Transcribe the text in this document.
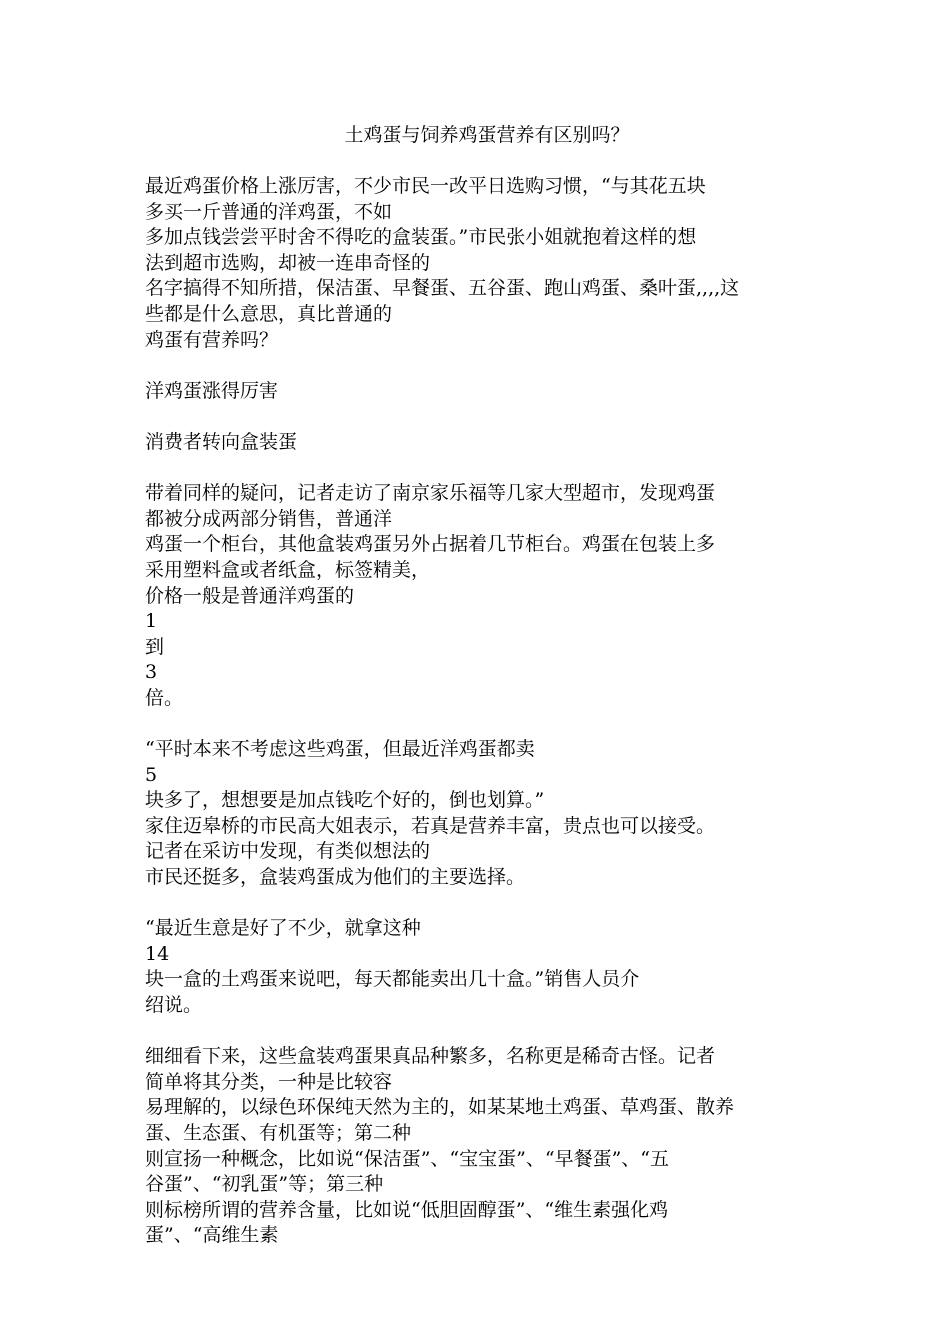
土鸡蛋与饲养鸡蛋营养有区别吗？
最近鸡蛋价格上涨厉害，不少市民一改平日选购习惯，“与其花五块
多买一斤普通的洋鸡蛋，不如
多加点钱尝尝平时舍不得吃的盒装蛋。”市民张小姐就抱着这样的想
法到超市选购，却被一连串奇怪的
名字搞得不知所措，保洁蛋、早餐蛋、五谷蛋、跑山鸡蛋、桑叶蛋,,,,这
些都是什么意思，真比普通的
鸡蛋有营养吗？
洋鸡蛋涨得厉害
消费者转向盒装蛋
带着同样的疑问，记者走访了南京家乐福等几家大型超市，发现鸡蛋
都被分成两部分销售，普通洋
鸡蛋一个柜台，其他盒装鸡蛋另外占据着几节柜台。鸡蛋在包装上多
采用塑料盒或者纸盒，标签精美，
价格一般是普通洋鸡蛋的
1
到
3
倍。
“平时本来不考虑这些鸡蛋，但最近洋鸡蛋都卖
5
块多了，想想要是加点钱吃个好的，倒也划算。”
家住迈皋桥的市民高大姐表示，若真是营养丰富，贵点也可以接受。
记者在采访中发现，有类似想法的
市民还挺多，盒装鸡蛋成为他们的主要选择。
“最近生意是好了不少，就拿这种
14
块一盒的土鸡蛋来说吧，每天都能卖出几十盒。”销售人员介
绍说。
细细看下来，这些盒装鸡蛋果真品种繁多，名称更是稀奇古怪。记者
简单将其分类，一种是比较容
易理解的，以绿色环保纯天然为主的，如某某地土鸡蛋、草鸡蛋、散养
蛋、生态蛋、有机蛋等；第二种
则宣扬一种概念，比如说“保洁蛋”、“宝宝蛋”、“早餐蛋”、“五
谷蛋”、“初乳蛋”等；第三种
则标榜所谓的营养含量，比如说“低胆固醇蛋”、“维生素强化鸡
蛋”、“高维生素
